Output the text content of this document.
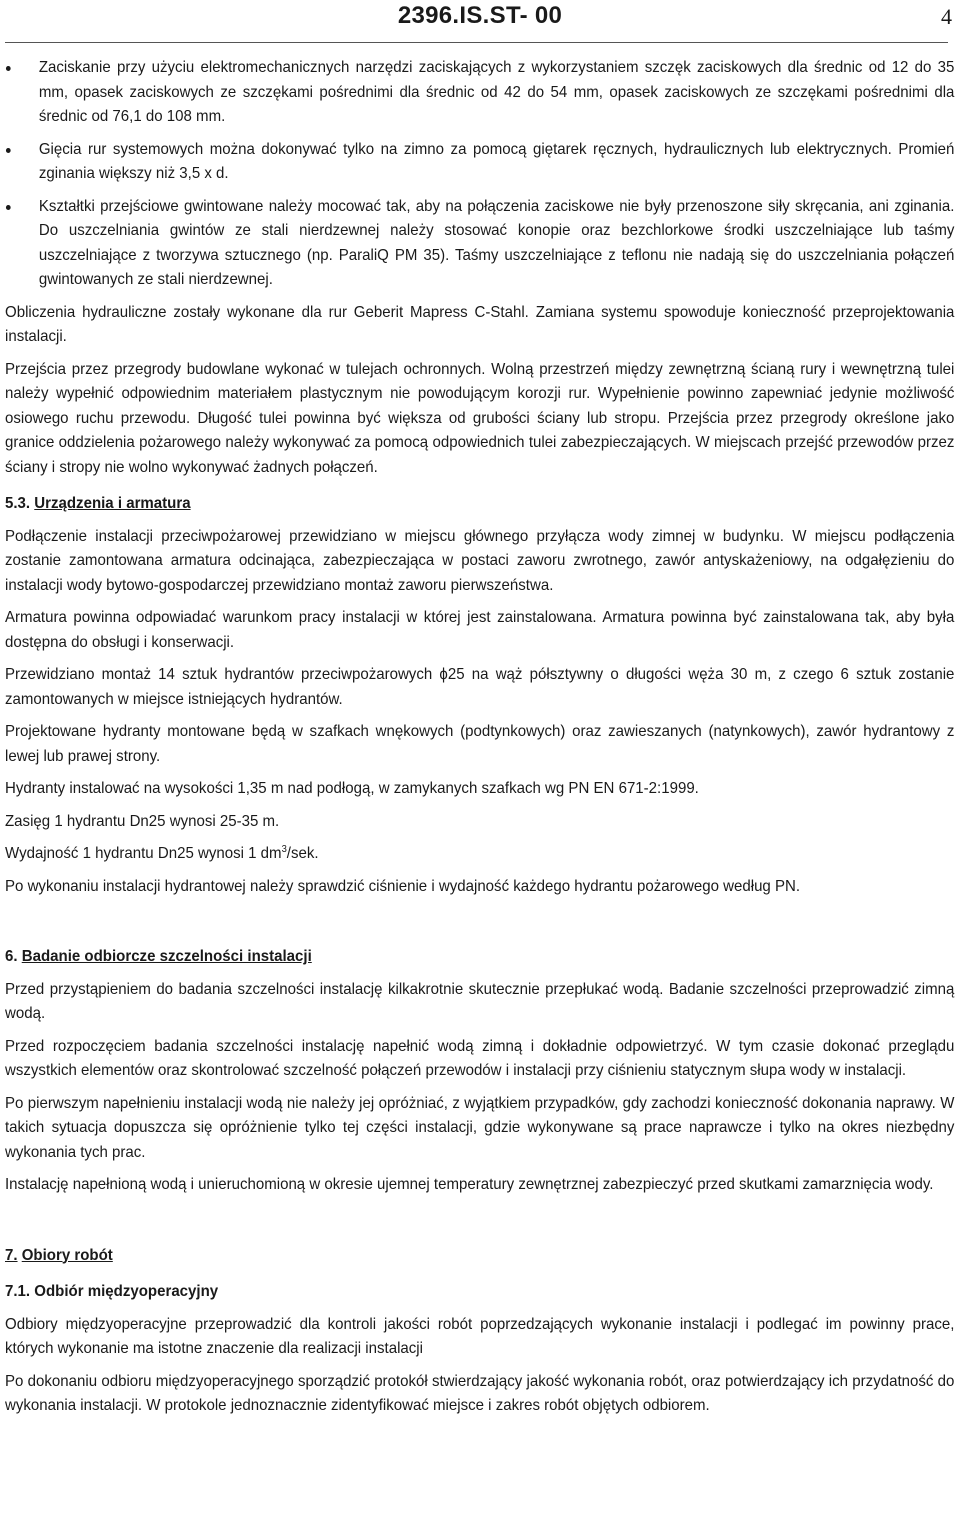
2396.IS.ST- 00	4
Zaciskanie przy użyciu elektromechanicznych narzędzi zaciskających z wykorzystaniem szczęk zaciskowych dla średnic od 12 do 35 mm, opasek zaciskowych ze szczękami pośrednimi dla średnic od 42 do 54 mm, opasek zaciskowych ze szczękami pośrednimi dla średnic od 76,1 do 108 mm.
Gięcia rur systemowych można dokonywać tylko na zimno za pomocą giętarek ręcznych, hydraulicznych lub elektrycznych. Promień zginania większy niż 3,5 x d.
Kształtki przejściowe gwintowane należy mocować tak, aby na połączenia zaciskowe nie były przenoszone siły skręcania, ani zginania. Do uszczelniania gwintów ze stali nierdzewnej należy stosować konopie oraz bezchlorkowe środki uszczelniające lub taśmy uszczelniające z tworzywa sztucznego (np. ParaliQ PM 35). Taśmy uszczelniające z teflonu nie nadają się do uszczelniania połączeń gwintowanych ze stali nierdzewnej.

Obliczenia hydrauliczne zostały wykonane dla rur Geberit Mapress C-Stahl. Zamiana systemu spowoduje konieczność przeprojektowania instalacji.

Przejścia przez przegrody budowlane wykonać w tulejach ochronnych. Wolną przestrzeń między zewnętrzną ścianą rury i wewnętrzną tulei należy wypełnić odpowiednim materiałem plastycznym nie powodującym korozji rur. Wypełnienie powinno zapewniać jedynie możliwość osiowego ruchu przewodu. Długość tulei powinna być większa od grubości ściany lub stropu. Przejścia przez przegrody określone jako granice oddzielenia pożarowego należy wykonywać za pomocą odpowiednich tulei zabezpieczających. W miejscach przejść przewodów przez ściany i stropy nie wolno wykonywać żadnych połączeń.

5.3. Urządzenia i armatura

Podłączenie instalacji przeciwpożarowej przewidziano w miejscu głównego przyłącza wody zimnej w budynku. W miejscu podłączenia zostanie zamontowana armatura odcinająca, zabezpieczająca w postaci zaworu zwrotnego, zawór antyskażeniowy, na odgałęzieniu do instalacji wody bytowo-gospodarczej przewidziano montaż zaworu pierwszeństwa.

Armatura powinna odpowiadać warunkom pracy instalacji w której jest zainstalowana. Armatura powinna być zainstalowana tak, aby była dostępna do obsługi i konserwacji.

Przewidziano montaż 14 sztuk hydrantów przeciwpożarowych ϕ25 na wąż półsztywny o długości węża 30 m, z czego 6 sztuk zostanie zamontowanych w miejsce istniejących hydrantów.

Projektowane hydranty montowane będą w szafkach wnękowych (podtynkowych) oraz zawieszanych (natynkowych), zawór hydrantowy z lewej lub prawej strony.

Hydranty instalować na wysokości 1,35 m nad podłogą, w zamykanych szafkach wg PN EN 671-2:1999.

Zasięg 1 hydrantu Dn25 wynosi 25-35 m.

Wydajność 1 hydrantu Dn25 wynosi 1 $dm^3$/sek.

Po wykonaniu instalacji hydrantowej należy sprawdzić ciśnienie i wydajność każdego hydrantu pożarowego według PN.

6. Badanie odbiorcze szczelności instalacji

Przed przystąpieniem do badania szczelności instalację kilkakrotnie skutecznie przepłukać wodą. Badanie szczelności przeprowadzić zimną wodą.

Przed rozpoczęciem badania szczelności instalację napełnić wodą zimną i dokładnie odpowietrzyć. W tym czasie dokonać przeglądu wszystkich elementów oraz skontrolować szczelność połączeń przewodów i instalacji przy ciśnieniu statycznym słupa wody w instalacji.

Po pierwszym napełnieniu instalacji wodą nie należy jej opróżniać, z wyjątkiem przypadków, gdy zachodzi konieczność dokonania naprawy. W takich sytuacja dopuszcza się opróżnienie tylko tej części instalacji, gdzie wykonywane są prace naprawcze i tylko na okres niezbędny wykonania tych prac.

Instalację napełnioną wodą i unieruchomioną w okresie ujemnej temperatury zewnętrznej zabezpieczyć przed skutkami zamarznięcia wody.

7. Obiory robót
7.1. Odbiór międzyoperacyjny

Odbiory międzyoperacyjne przeprowadzić dla kontroli jakości robót poprzedzających wykonanie instalacji i podlegać im powinny prace, których wykonanie ma istotne znaczenie dla realizacji instalacji

Po dokonaniu odbioru międzyoperacyjnego sporządzić protokół stwierdzający jakość wykonania robót, oraz potwierdzający ich przydatność do wykonania instalacji. W protokole jednoznacznie zidentyfikować miejsce i zakres robót objętych odbiorem.
